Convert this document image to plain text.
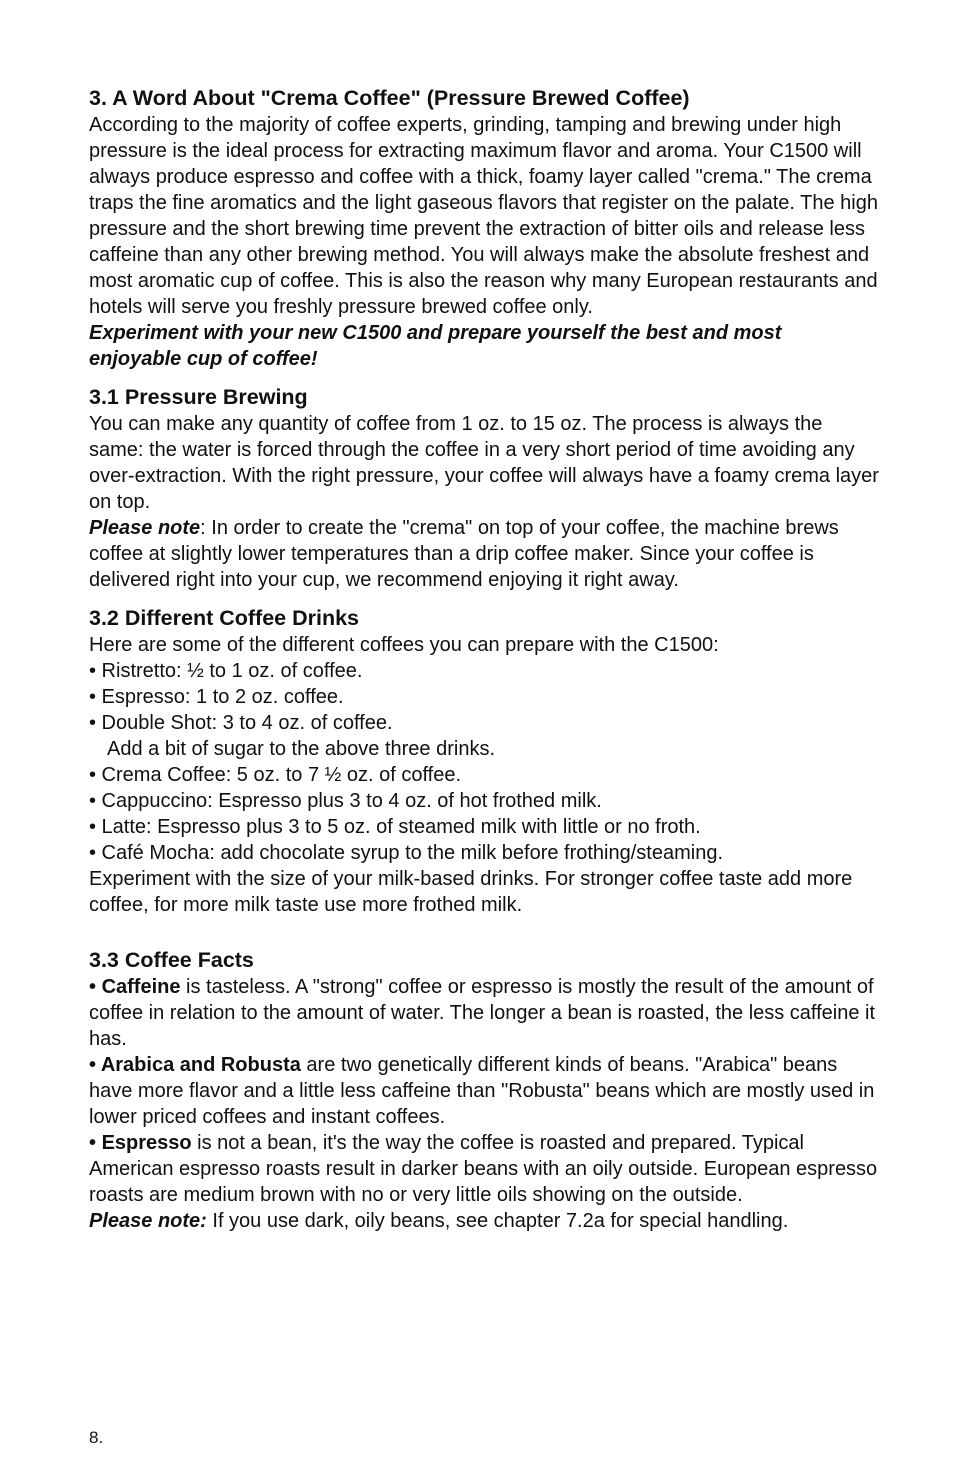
3. A Word About "Crema Coffee" (Pressure Brewed Coffee)

According to the majority of coffee experts, grinding, tamping and brewing under high pressure is the ideal process for extracting maximum flavor and aroma. Your C1500 will always produce espresso and coffee with a thick, foamy layer called "crema." The crema traps the fine aromatics and the light gaseous flavors that register on the palate. The high pressure and the short brewing time prevent the extraction of bitter oils and release less caffeine than any other brewing method. You will always make the absolute freshest and most aromatic cup of coffee. This is also the reason why many European restaurants and hotels will serve you freshly pressure brewed coffee only.

Experiment with your new C1500 and prepare yourself the best and most enjoyable cup of coffee!

3.1 Pressure Brewing

You can make any quantity of coffee from 1 oz. to 15 oz. The process is always the same: the water is forced through the coffee in a very short period of time avoiding any over-extraction. With the right pressure, your coffee will always have a foamy crema layer on top.

Please note: In order to create the "crema" on top of your coffee, the machine brews coffee at slightly lower temperatures than a drip coffee maker. Since your coffee is delivered right into your cup, we recommend enjoying it right away.

3.2 Different Coffee Drinks

Here are some of the different coffees you can prepare with the C1500:

• Ristretto: ½ to 1 oz. of coffee.
• Espresso: 1 to 2 oz. coffee.
• Double Shot: 3 to 4 oz. of coffee.
Add a bit of sugar to the above three drinks.
• Crema Coffee: 5 oz. to 7 ½ oz. of coffee.
• Cappuccino: Espresso plus 3 to 4 oz. of hot frothed milk.
• Latte: Espresso plus 3 to 5 oz. of steamed milk with little or no froth.
• Café Mocha: add chocolate syrup to the milk before frothing/steaming.

Experiment with the size of your milk-based drinks. For stronger coffee taste add more coffee, for more milk taste use more frothed milk.

3.3 Coffee Facts

• Caffeine is tasteless. A "strong" coffee or espresso is mostly the result of the amount of coffee in relation to the amount of water. The longer a bean is roasted, the less caffeine it has.

• Arabica and Robusta are two genetically different kinds of beans. "Arabica" beans have more flavor and a little less caffeine than "Robusta" beans which are mostly used in lower priced coffees and instant coffees.

• Espresso is not a bean, it's the way the coffee is roasted and prepared. Typical American espresso roasts result in darker beans with an oily outside. European espresso roasts are medium brown with no or very little oils showing on the outside.

Please note: If you use dark, oily beans, see chapter 7.2a for special handling.

8.
